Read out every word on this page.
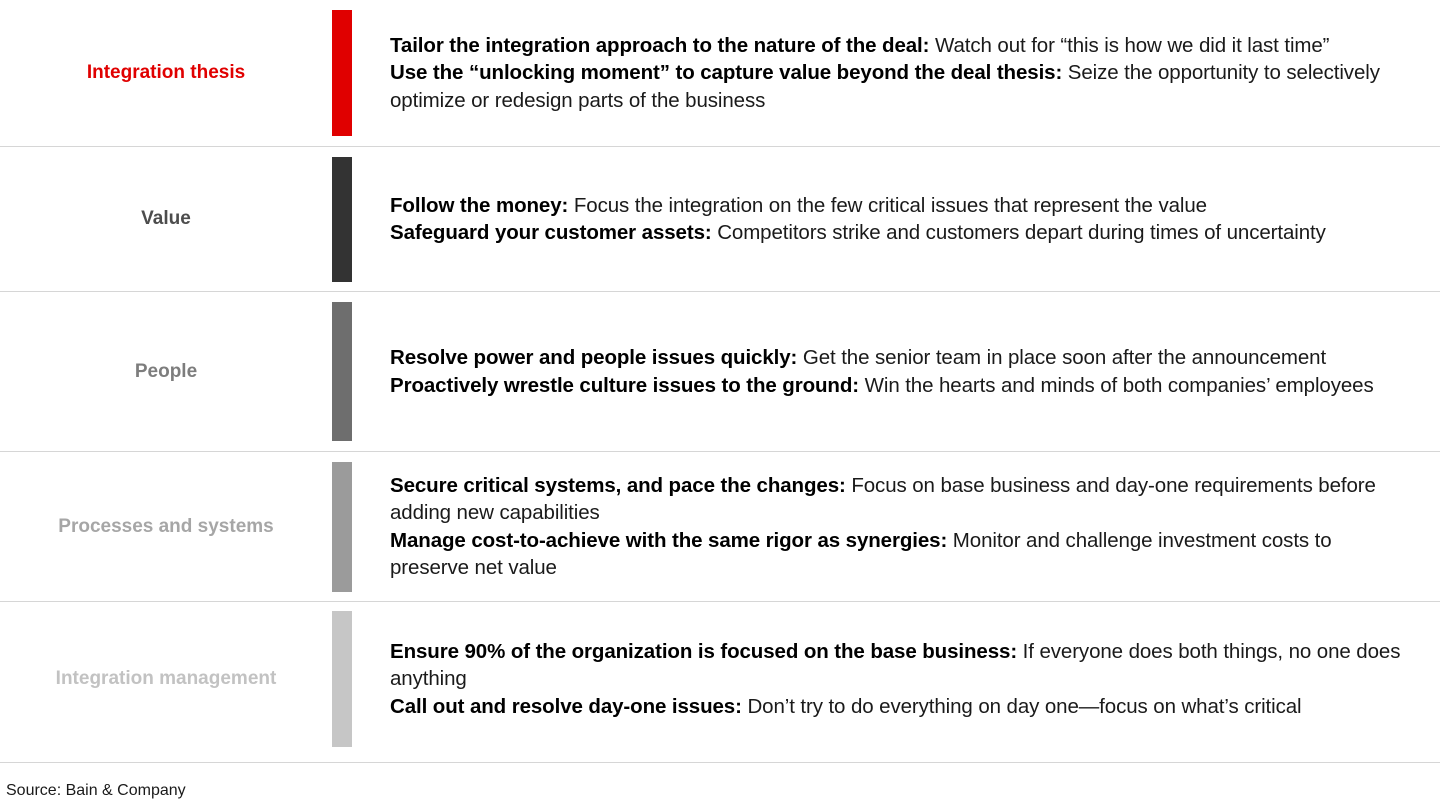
Integration thesis
Tailor the integration approach to the nature of the deal: Watch out for “this is how we did it last time”
Use the “unlocking moment” to capture value beyond the deal thesis: Seize the opportunity to selectively optimize or redesign parts of the business
Value
Follow the money: Focus the integration on the few critical issues that represent the value
Safeguard your customer assets: Competitors strike and customers depart during times of uncertainty
People
Resolve power and people issues quickly: Get the senior team in place soon after the announcement
Proactively wrestle culture issues to the ground: Win the hearts and minds of both companies’ employees
Processes and systems
Secure critical systems, and pace the changes: Focus on base business and day-one requirements before adding new capabilities
Manage cost-to-achieve with the same rigor as synergies: Monitor and challenge investment costs to preserve net value
Integration management
Ensure 90% of the organization is focused on the base business: If everyone does both things, no one does anything
Call out and resolve day-one issues: Don’t try to do everything on day one—focus on what’s critical
Source: Bain & Company
